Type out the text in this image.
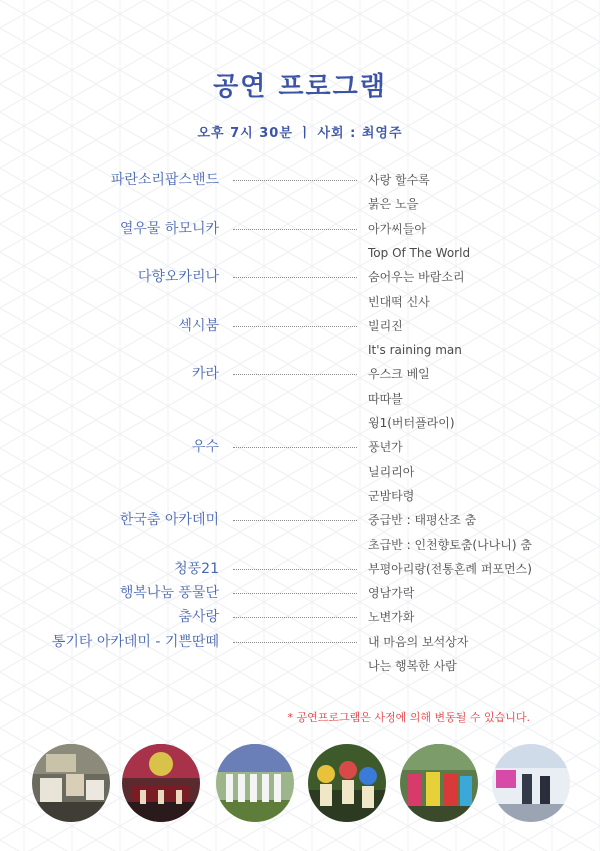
공연 프로그램
오후 7시 30분 ㅣ 사회 : 최영주
파란소리팝스밴드	사랑 할수록
붉은 노을
열우물 하모니카	아가씨들아
Top Of The World
다향오카리나	숨어우는 바람소리
빈대떡 신사
섹시붐	빌리진
It's raining man
카라	우스크 베일
따따블
윙1(버터플라이)
우수	풍년가
닐리리아
군밤타령
한국춤 아카데미	중급반 : 태평산조 춤
초급반 : 인천향토춤(나나니) 춤
청풍21	부평아리랑(전통혼례 퍼포먼스)
행복나눔 풍물단	영남가락
춤사랑	노변가화
통기타 아카데미 - 기쁜딴떼	내 마음의 보석상자
나는 행복한 사람
* 공연프로그램은 사정에 의해 변동될 수 있습니다.
